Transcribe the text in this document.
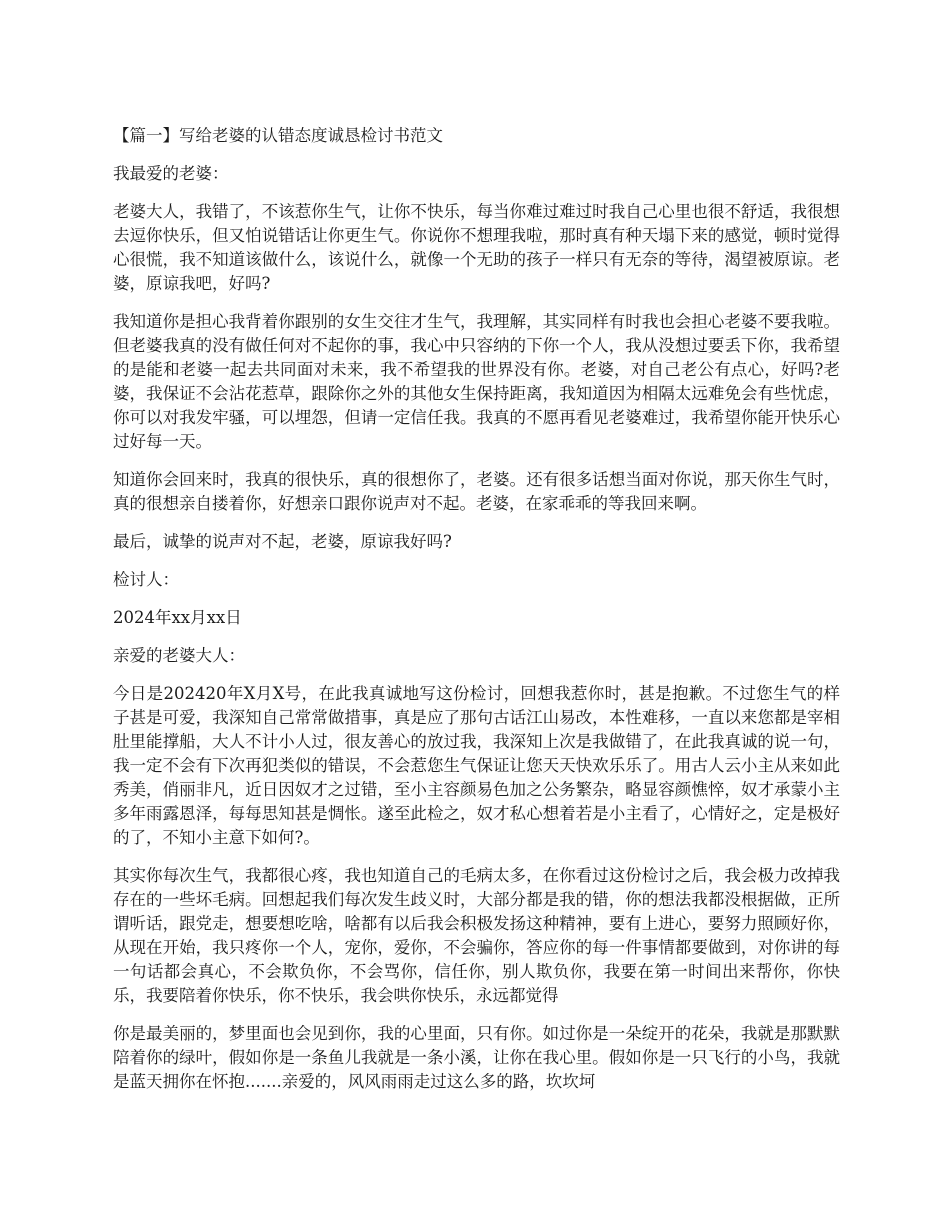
【篇一】写给老婆的认错态度诚恳检讨书范文

我最爱的老婆：

老婆大人，我错了，不该惹你生气，让你不快乐，每当你难过难过时我自己心里也很不舒适，我很想去逗你快乐，但又怕说错话让你更生气。你说你不想理我啦，那时真有种天塌下来的感觉，顿时觉得心很慌，我不知道该做什么，该说什么，就像一个无助的孩子一样只有无奈的等待，渴望被原谅。老婆，原谅我吧，好吗?

我知道你是担心我背着你跟别的女生交往才生气，我理解，其实同样有时我也会担心老婆不要我啦。但老婆我真的没有做任何对不起你的事，我心中只容纳的下你一个人，我从没想过要丢下你，我希望的是能和老婆一起去共同面对未来，我不希望我的世界没有你。老婆，对自己老公有点心，好吗?老婆，我保证不会沾花惹草，跟除你之外的其他女生保持距离，我知道因为相隔太远难免会有些忧虑，你可以对我发牢骚，可以埋怨，但请一定信任我。我真的不愿再看见老婆难过，我希望你能开快乐心过好每一天。

知道你会回来时，我真的很快乐，真的很想你了，老婆。还有很多话想当面对你说，那天你生气时，真的很想亲自搂着你，好想亲口跟你说声对不起。老婆，在家乖乖的等我回来啊。

最后，诚挚的说声对不起，老婆，原谅我好吗?

检讨人：

2024年xx月xx日

亲爱的老婆大人：

今日是202420年X月X号，在此我真诚地写这份检讨，回想我惹你时，甚是抱歉。不过您生气的样子甚是可爱，我深知自己常常做措事，真是应了那句古话江山易改，本性难移，一直以来您都是宰相肚里能撑船，大人不计小人过，很友善心的放过我，我深知上次是我做错了，在此我真诚的说一句，我一定不会有下次再犯类似的错误，不会惹您生气保证让您天天快欢乐乐了。用古人云小主从来如此秀美，俏丽非凡，近日因奴才之过错，至小主容颜易色加之公务繁杂，略显容颜憔悴，奴才承蒙小主多年雨露恩泽，每每思知甚是惆怅。遂至此检之，奴才私心想着若是小主看了，心情好之，定是极好的了，不知小主意下如何?。

其实你每次生气，我都很心疼，我也知道自己的毛病太多，在你看过这份检讨之后，我会极力改掉我存在的一些坏毛病。回想起我们每次发生歧义时，大部分都是我的错，你的想法我都没根据做，正所谓听话，跟党走，想要想吃啥，啥都有以后我会积极发扬这种精神，要有上进心，要努力照顾好你，从现在开始，我只疼你一个人，宠你，爱你，不会骗你，答应你的每一件事情都要做到，对你讲的每一句话都会真心，不会欺负你，不会骂你，信任你，别人欺负你，我要在第一时间出来帮你，你快乐，我要陪着你快乐，你不快乐，我会哄你快乐，永远都觉得

你是最美丽的，梦里面也会见到你，我的心里面，只有你。如过你是一朵绽开的花朵，我就是那默默陪着你的绿叶，假如你是一条鱼儿我就是一条小溪，让你在我心里。假如你是一只飞行的小鸟，我就是蓝天拥你在怀抱.......亲爱的，风风雨雨走过这么多的路，坎坎坷
